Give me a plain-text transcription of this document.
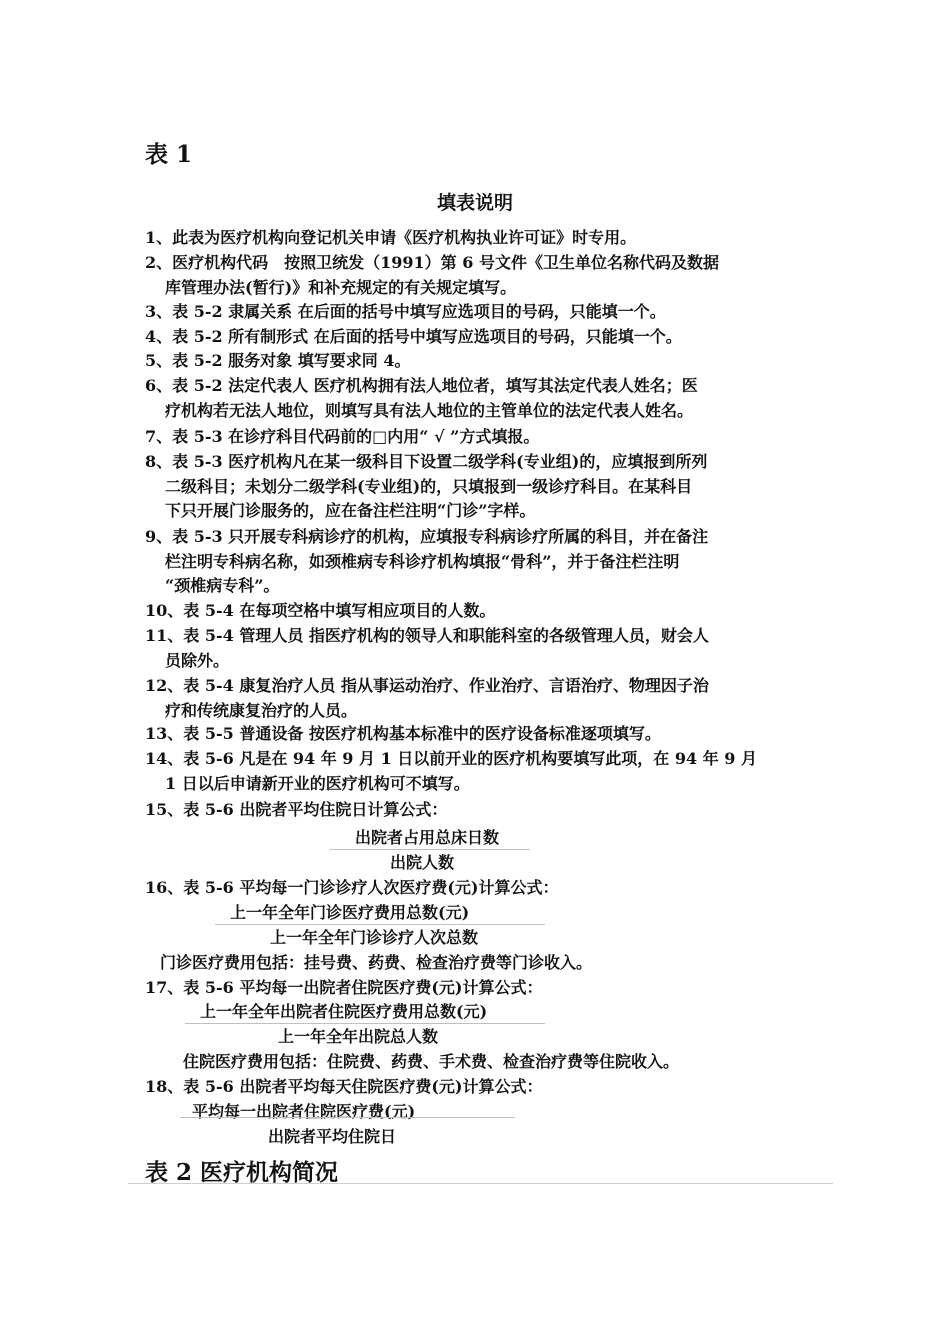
表 1
填表说明
1、此表为医疗机构向登记机关申请《医疗机构执业许可证》时专用。
2、医疗机构代码　按照卫统发（1991）第 6 号文件《卫生单位名称代码及数据
库管理办法(暂行)》和补充规定的有关规定填写。
3、表 5-2 隶属关系 在后面的括号中填写应选项目的号码，只能填一个。
4、表 5-2 所有制形式 在后面的括号中填写应选项目的号码，只能填一个。
5、表 5-2 服务对象 填写要求同 4。
6、表 5-2 法定代表人 医疗机构拥有法人地位者，填写其法定代表人姓名；医
疗机构若无法人地位，则填写具有法人地位的主管单位的法定代表人姓名。
7、表 5-3 在诊疗科目代码前的□内用“ √ ”方式填报。
8、表 5-3 医疗机构凡在某一级科目下设置二级学科(专业组)的，应填报到所列
二级科目；未划分二级学科(专业组)的，只填报到一级诊疗科目。在某科目
下只开展门诊服务的，应在备注栏注明“门诊”字样。
9、表 5-3 只开展专科病诊疗的机构，应填报专科病诊疗所属的科目，并在备注
栏注明专科病名称，如颈椎病专科诊疗机构填报“骨科”，并于备注栏注明
“颈椎病专科”。
10、表 5-4 在每项空格中填写相应项目的人数。
11、表 5-4 管理人员 指医疗机构的领导人和职能科室的各级管理人员，财会人
员除外。
12、表 5-4 康复治疗人员 指从事运动治疗、作业治疗、言语治疗、物理因子治
疗和传统康复治疗的人员。
13、表 5-5 普通设备 按医疗机构基本标准中的医疗设备标准逐项填写。
14、表 5-6 凡是在 94 年 9 月 1 日以前开业的医疗机构要填写此项，在 94 年 9 月
1 日以后申请新开业的医疗机构可不填写。
15、表 5-6 出院者平均住院日计算公式：
出院者占用总床日数
出院人数
16、表 5-6 平均每一门诊诊疗人次医疗费(元)计算公式：
上一年全年门诊医疗费用总数(元)
上一年全年门诊诊疗人次总数
门诊医疗费用包括：挂号费、药费、检查治疗费等门诊收入。
17、表 5-6 平均每一出院者住院医疗费(元)计算公式：
上一年全年出院者住院医疗费用总数(元)
上一年全年出院总人数
住院医疗费用包括：住院费、药费、手术费、检查治疗费等住院收入。
18、表 5-6 出院者平均每天住院医疗费(元)计算公式：
平均每一出院者住院医疗费(元)
出院者平均住院日
表 2 医疗机构简况
